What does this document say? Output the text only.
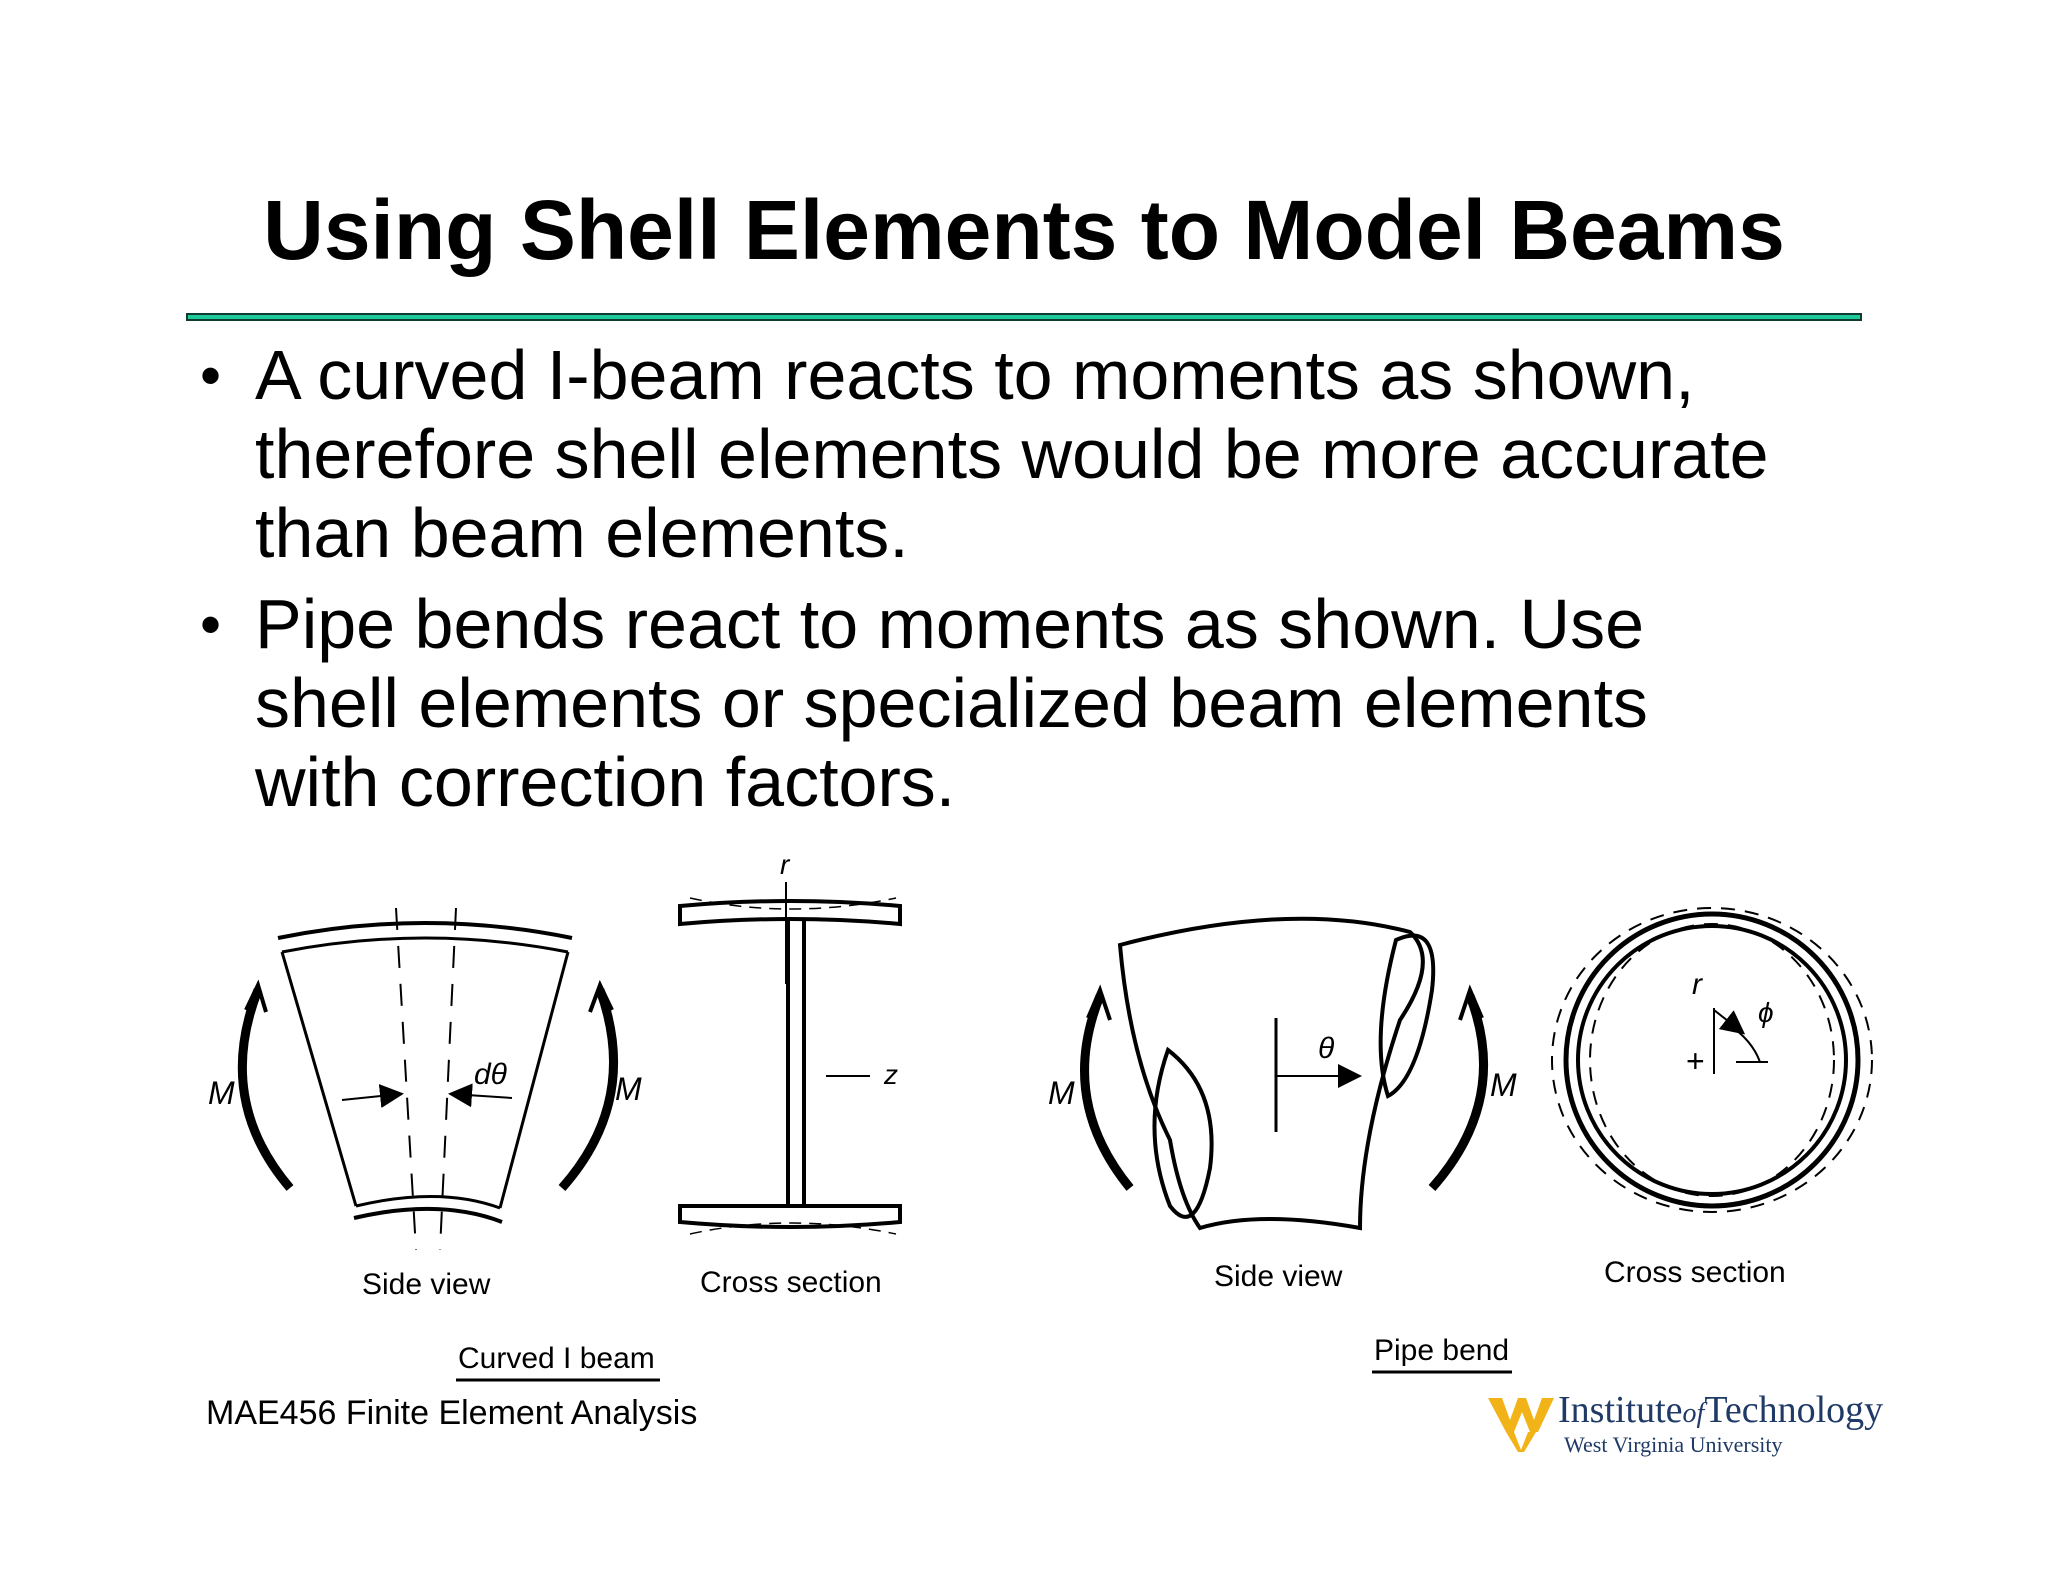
Using Shell Elements to Model Beams
• A curved I-beam reacts to moments as shown,
therefore shell elements would be more accurate
than beam elements.
• Pipe bends react to moments as shown. Use
shell elements or specialized beam elements
with correction factors.
M	M
dθ
Side view
r
z
Cross section
Curved I beam
M	M
θ
Side view
r
ϕ
+
Cross section
Pipe bend
MAE456 Finite Element Analysis	InstituteofTechnology
West Virginia University
